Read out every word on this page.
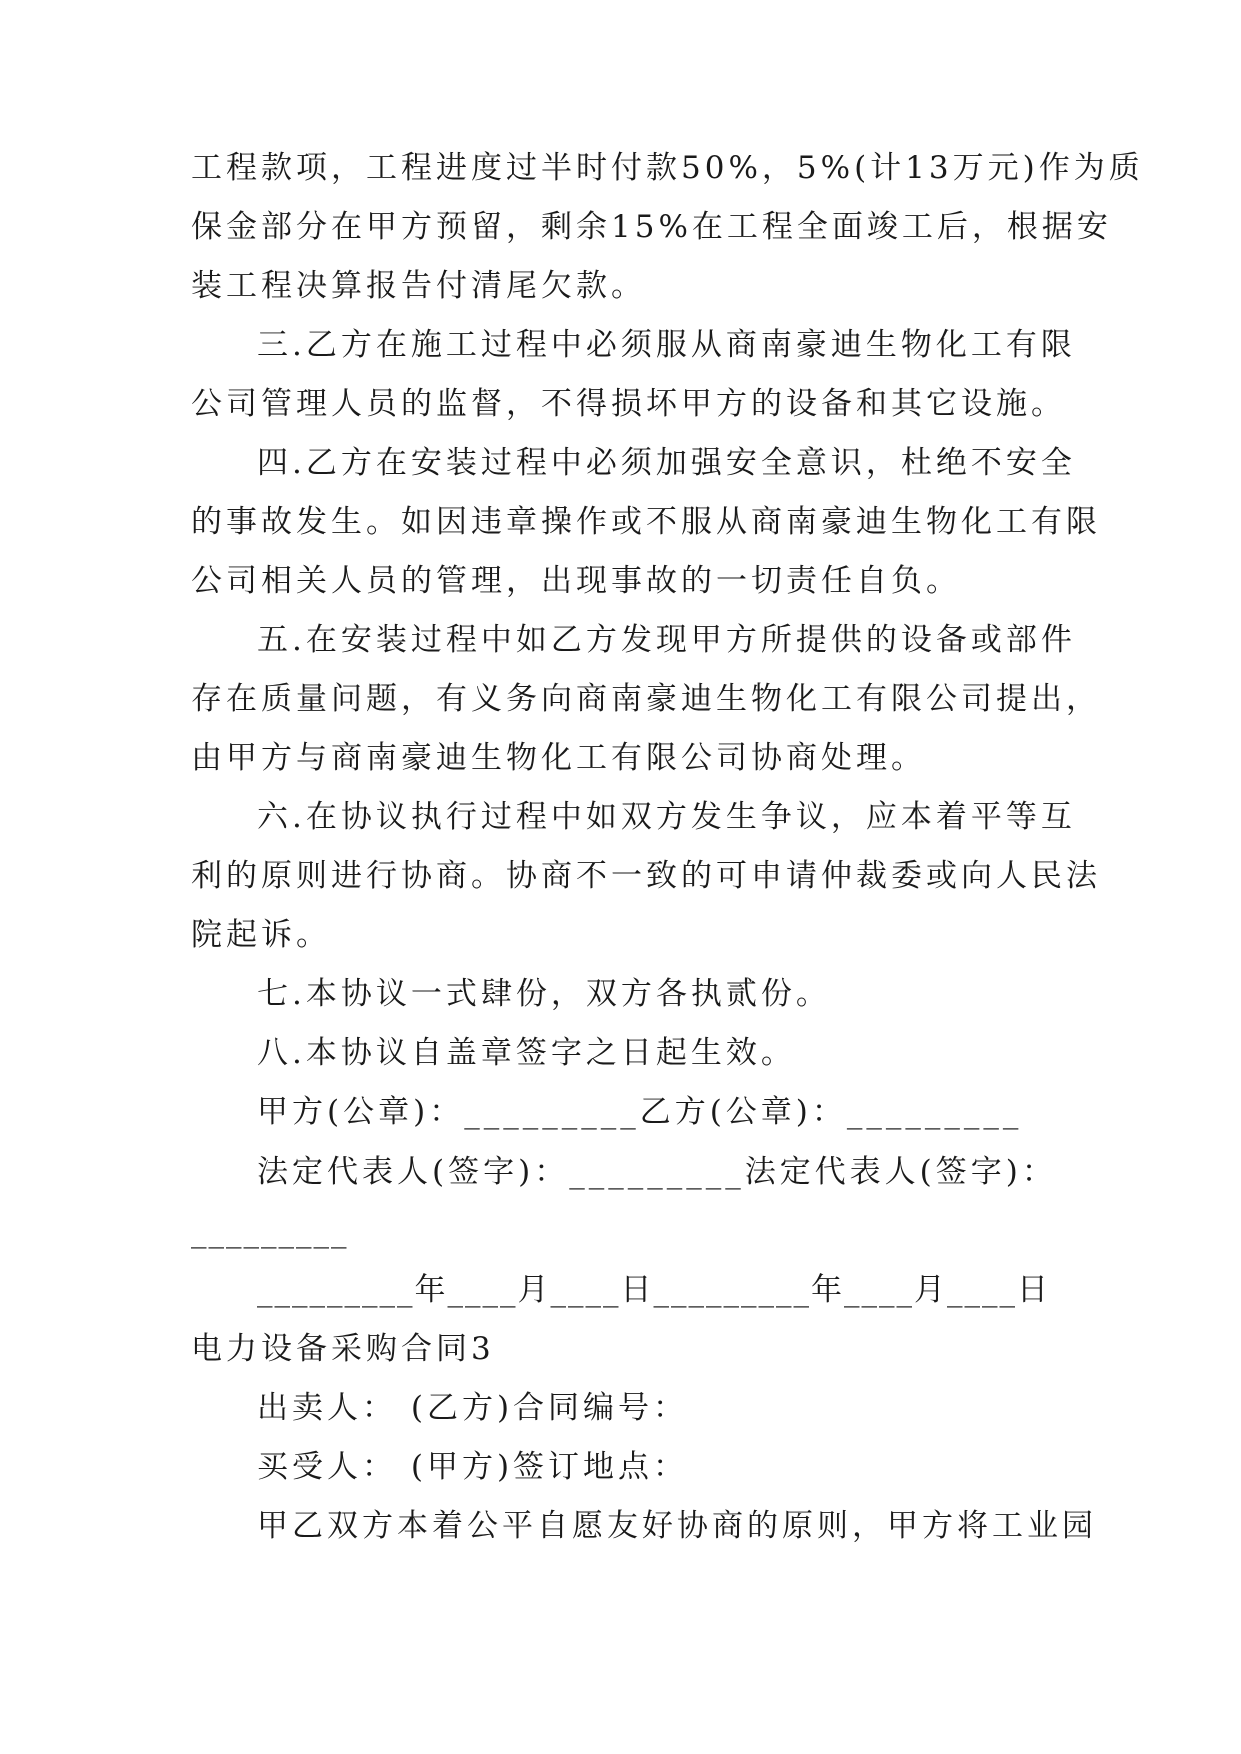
工程款项，工程进度过半时付款50%，5%(计13万元)作为质
保金部分在甲方预留，剩余15%在工程全面竣工后，根据安
装工程决算报告付清尾欠款。
三.乙方在施工过程中必须服从商南豪迪生物化工有限
公司管理人员的监督，不得损坏甲方的设备和其它设施。
四.乙方在安装过程中必须加强安全意识，杜绝不安全
的事故发生。如因违章操作或不服从商南豪迪生物化工有限
公司相关人员的管理，出现事故的一切责任自负。
五.在安装过程中如乙方发现甲方所提供的设备或部件
存在质量问题，有义务向商南豪迪生物化工有限公司提出，
由甲方与商南豪迪生物化工有限公司协商处理。
六.在协议执行过程中如双方发生争议，应本着平等互
利的原则进行协商。协商不一致的可申请仲裁委或向人民法
院起诉。
七.本协议一式肆份，双方各执贰份。
八.本协议自盖章签字之日起生效。
甲方(公章)：_________乙方(公章)：_________
法定代表人(签字)：_________法定代表人(签字)：
_________
_________年____月____日_________年____月____日
电力设备采购合同3
出卖人： (乙方)合同编号：
买受人： (甲方)签订地点：
甲乙双方本着公平自愿友好协商的原则，甲方将工业园
